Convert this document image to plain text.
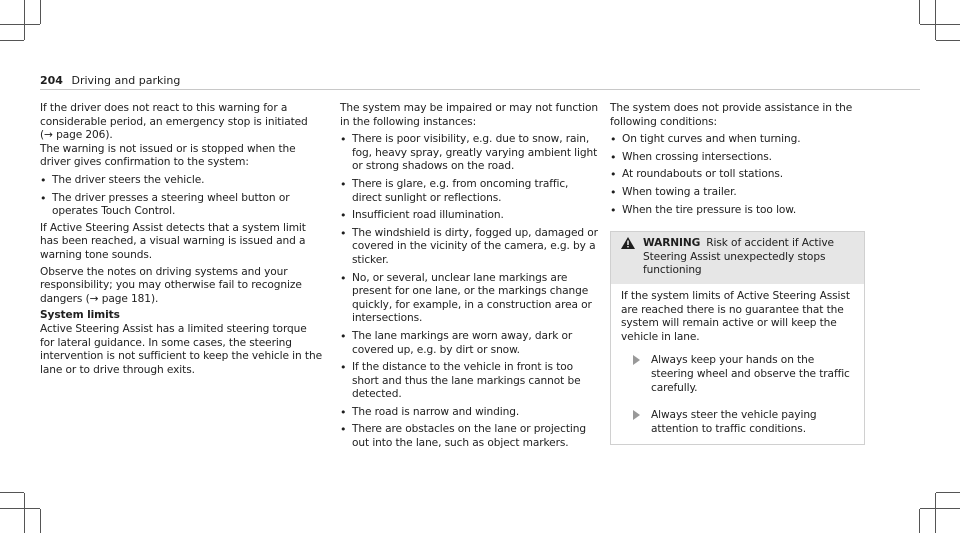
204 Driving and parking

If the driver does not react to this warning for a considerable period, an emergency stop is initiated (→ page 206).

The warning is not issued or is stopped when the driver gives confirmation to the system:

• The driver steers the vehicle.
• The driver presses a steering wheel button or operates Touch Control.

If Active Steering Assist detects that a system limit has been reached, a visual warning is issued and a warning tone sounds.

Observe the notes on driving systems and your responsibility; you may otherwise fail to recognize dangers (→ page 181).

System limits

Active Steering Assist has a limited steering torque for lateral guidance. In some cases, the steering intervention is not sufficient to keep the vehicle in the lane or to drive through exits.

The system may be impaired or may not function in the following instances:

• There is poor visibility, e.g. due to snow, rain, fog, heavy spray, greatly varying ambient light or strong shadows on the road.
• There is glare, e.g. from oncoming traffic, direct sunlight or reflections.
• Insufficient road illumination.
• The windshield is dirty, fogged up, damaged or covered in the vicinity of the camera, e.g. by a sticker.
• No, or several, unclear lane markings are present for one lane, or the markings change quickly, for example, in a construction area or intersections.
• The lane markings are worn away, dark or covered up, e.g. by dirt or snow.
• If the distance to the vehicle in front is too short and thus the lane markings cannot be detected.
• The road is narrow and winding.
• There are obstacles on the lane or projecting out into the lane, such as object markers.

The system does not provide assistance in the following conditions:

• On tight curves and when turning.
• When crossing intersections.
• At roundabouts or toll stations.
• When towing a trailer.
• When the tire pressure is too low.
WARNING Risk of accident if Active Steering Assist unexpectedly stops functioning

If the system limits of Active Steering Assist are reached there is no guarantee that the system will remain active or will keep the vehicle in lane.

Always keep your hands on the steering wheel and observe the traffic carefully.
Always steer the vehicle paying attention to traffic conditions.
